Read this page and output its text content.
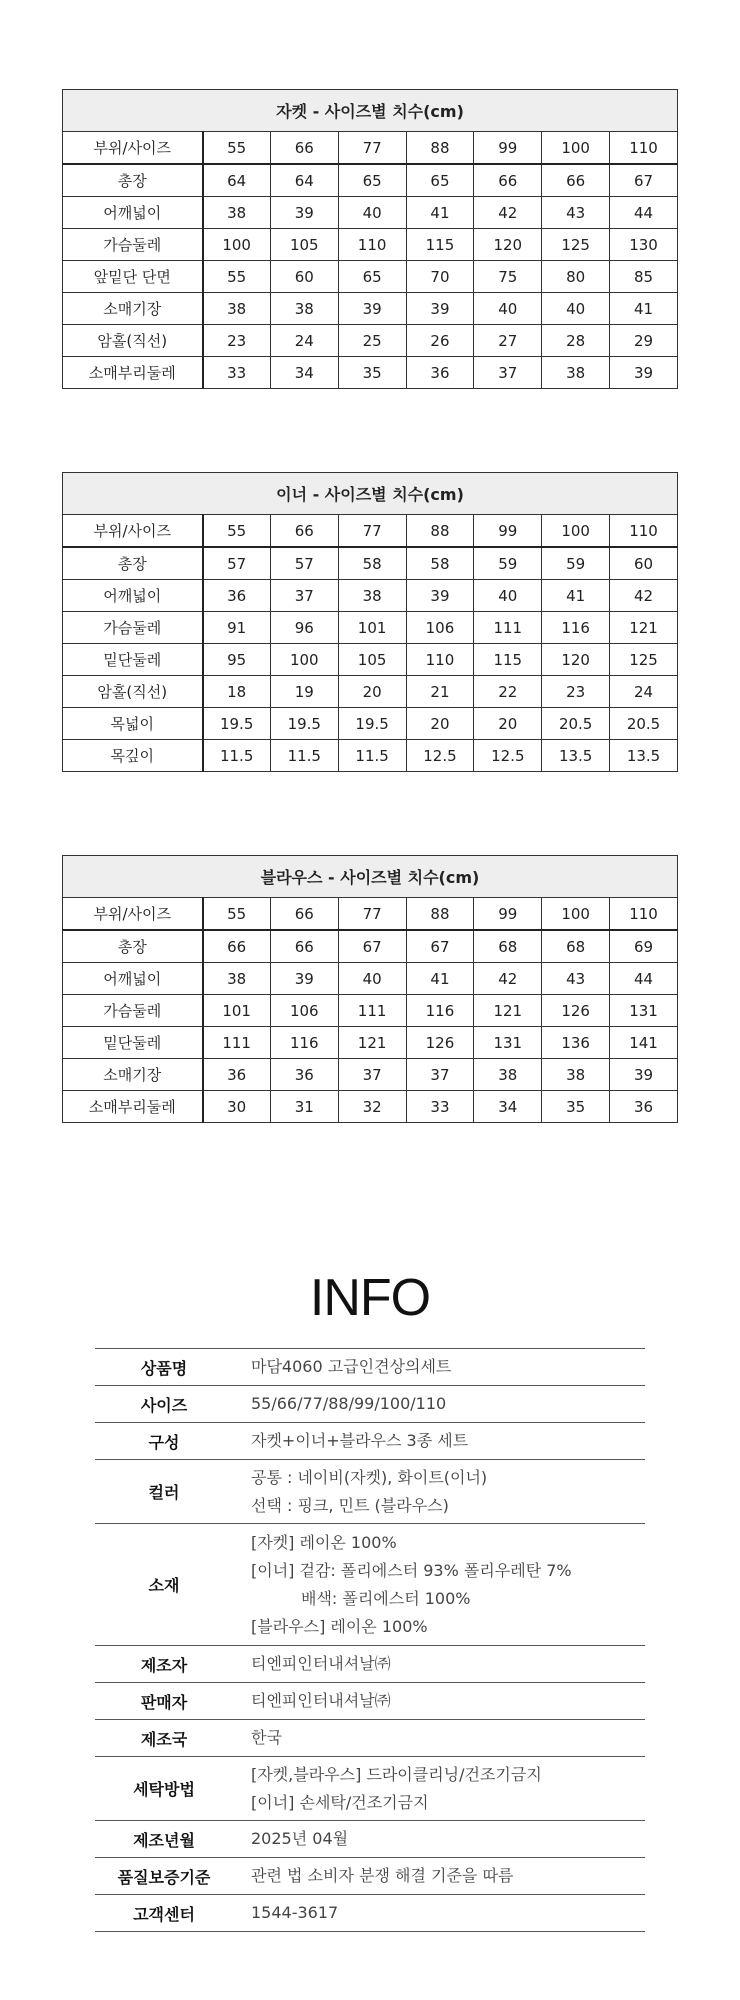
자켓 - 사이즈별 치수(cm)							
부위/사이즈	55	66	77	88	99	100	110
총장	64	64	65	65	66	66	67
어깨넓이	38	39	40	41	42	43	44
가슴둘레	100	105	110	115	120	125	130
앞밑단 단면	55	60	65	70	75	80	85
소매기장	38	38	39	39	40	40	41
암홀(직선)	23	24	25	26	27	28	29
소매부리둘레	33	34	35	36	37	38	39
이너 - 사이즈별 치수(cm)							
부위/사이즈	55	66	77	88	99	100	110
총장	57	57	58	58	59	59	60
어깨넓이	36	37	38	39	40	41	42
가슴둘레	91	96	101	106	111	116	121
밑단둘레	95	100	105	110	115	120	125
암홀(직선)	18	19	20	21	22	23	24
목넓이	19.5	19.5	19.5	20	20	20.5	20.5
목깊이	11.5	11.5	11.5	12.5	12.5	13.5	13.5
블라우스 - 사이즈별 치수(cm)							
부위/사이즈	55	66	77	88	99	100	110
총장	66	66	67	67	68	68	69
어깨넓이	38	39	40	41	42	43	44
가슴둘레	101	106	111	116	121	126	131
밑단둘레	111	116	121	126	131	136	141
소매기장	36	36	37	37	38	38	39
소매부리둘레	30	31	32	33	34	35	36
INFO
상품명	마담4060 고급인견상의세트

사이즈	55/66/77/88/99/100/110

구성	자켓+이너+블라우스 3종 세트

컬러	공통 : 네이비(자켓), 화이트(이너)
선택 : 핑크, 민트 (블라우스)

소재	[자켓] 레이온 100%
[이너] 겉감: 폴리에스터 93% 폴리우레탄 7%
배색: 폴리에스터 100%
[블라우스] 레이온 100%

제조자	티엔피인터내셔날㈜

판매자	티엔피인터내셔날㈜

제조국	한국

세탁방법	[자켓,블라우스] 드라이클리닝/건조기금지
[이너] 손세탁/건조기금지

제조년월	2025년 04월

품질보증기준	관련 법 소비자 분쟁 해결 기준을 따름

고객센터	1544-3617
